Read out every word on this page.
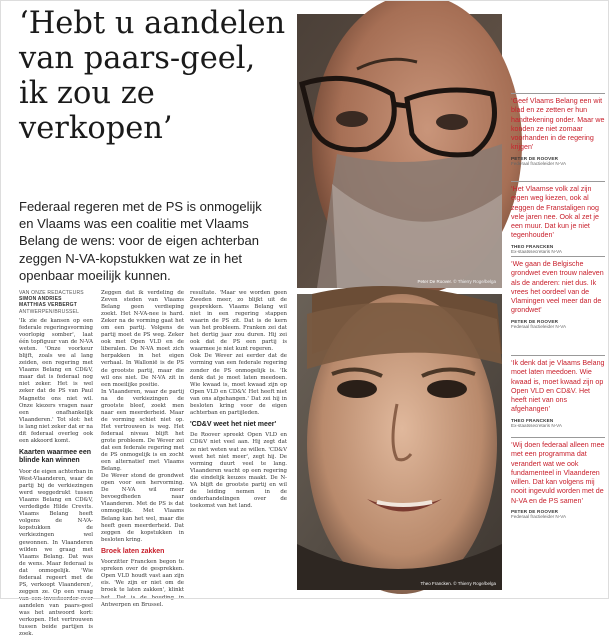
‘Hebt u aandelen
van paars-geel,
ik zou ze
verkopen’
Federaal regeren met de PS is onmogelijk
en Vlaams was een coalitie met Vlaams
Belang de wens: voor de eigen achterban
zeggen N-VA-kopstukken wat ze in het
openbaar moeilijk kunnen.
VAN ONZE REDACTEURS
SIMON ANDRIES
MATTHIAS VERBERGT
ANTWERPEN/BRUSSEL

'Ik zie de kansen op een federale regeringsvorming voorlopig somber', laat één topfiguur van de N-VA weten. 'Onze voorkeur blijft, zoals we al lang zeiden, een regering met Vlaams Belang en CD&V, maar dat is federaal nog niet zeker. Het is wel zeker dat de PS van Paul Magnette ons niet wil. Onze kiezers vragen naar een onafhankelijk Vlaanderen.' Tot slot: het is lang niet zeker dat er na dit federaal overleg ook een akkoord komt.

Kaarten waarmee een blinde kan winnen

Voor de eigen achterban in West-Vlaanderen, waar de partij bij de verkiezingen werd weggedrukt tussen Vlaams Belang en CD&V, verdedigde Hilde Crevits. Vlaams Belang heeft volgens de N-VA-kopstukken de verkiezingen wel gewonnen. In Vlaanderen wilden we graag met Vlaams Belang. Dat was de wens. Maar federaal is dat onmogelijk. 'Wie federaal regeert met de PS, verkoopt Vlaanderen', zeggen ze. Op een vraag van een investeerder over aandelen van paars-geel was het antwoord kort: verkopen. Het vertrouwen tussen beide partijen is zoek.

Zeggen dat ik verdeling de Zeven steden van Vlaams Belang geen verdieping zoekt. Het N-VA-nee is hard. Zeker na de vorming gaat het om een partij. Volgens de partij moet de PS weg. Zeker ook met Open VLD en de liberalen. De N-VA moet zich herpakken in het eigen verhaal. In Wallonië is de PS de grootste partij, maar die wil ons niet. De N-VA zit in een moeilijke positie.

In Vlaanderen, waar de partij na de verkiezingen de grootste bleef, zoekt men naar een meerderheid. Maar de vorming schiet niet op. Het vertrouwen is weg. Het federaal niveau blijft het grote probleem. De Wever zei dat een federale regering met de PS onmogelijk is en zocht een alternatief met Vlaams Belang.

De Wever stond de grondwet open voor een hervorming. De N-VA wil meer bevoegdheden naar Vlaanderen. Met de PS is dat onmogelijk. Met Vlaams Belang kan het wel, maar die heeft geen meerderheid. Dat zeggen de kopstukken in besloten kring.

Broek laten zakken

Voorzitter Francken begon te spreken over de gesprekken. Open VLD houdt vast aan zijn eis. 'We zijn er niet om de broek te laten zakken', klinkt het. Dat is de houding in Antwerpen en Brussel.

resultate. 'Maar we worden geen Zweden meer, zo blijkt uit de gesprekken. Vlaams Belang wil niet in een regering stappen waarin de PS zit. Dat is de kern van het probleem. Franken zei dat het dertig jaar zou duren. Hij zei ook dat de PS een partij is waarmee je niet kunt regeren.

Ook De Wever zei eerder dat de vorming van een federale regering zonder de PS onmogelijk is. 'Ik denk dat je moet laten meedoen. Wie kwaad is, moet kwaad zijn op Open VLD en CD&V. Het heeft niet van ons afgehangen.' Dat zei hij in besloten kring voor de eigen achterban en partijleden.

'CD&V weet het niet meer'

De Roover spreekt Open VLD en CD&V niet veel aan. Hij zegt dat ze niet weten wat ze willen. 'CD&V weet het niet meer', zegt hij. De vorming duurt veel te lang. Vlaanderen wacht op een regering die eindelijk keuzes maakt. De N-VA blijft de grootste partij en wil de leiding nemen in de onderhandelingen over de toekomst van het land.

Peter De Roover. © Thierry Roge/belga
Theo Francken. © Thierry Roge/belga
‘Geef Vlaams Belang een wit blad en ze zetten er hun handtekening onder. Maar we konden ze niet zomaar voorhanden in de regering krijgen’
PETER DE ROOVER
Federaal fractieleider N-VA
‘Het Vlaamse volk zal zijn eigen weg kiezen, ook al zeggen de Franstaligen nog vele jaren nee. Ook al zet je een muur. Dat kun je niet tegenhouden’
THEO FRANCKEN
Ex-staatssecretaris N-VA
‘We gaan de Belgische grondwet even trouw naleven als de anderen: niet dus. Ik vrees het oordeel van de Vlamingen veel meer dan de grondwet’
PETER DE ROOVER
Federaal fractieleider N-VA
‘Ik denk dat je Vlaams Belang moet laten meedoen. Wie kwaad is, moet kwaad zijn op Open VLD en CD&V. Het heeft niet van ons afgehangen’
THEO FRANCKEN
Ex-staatssecretaris N-VA
‘Wij doen federaal alleen mee met een programma dat verandert wat we ook fundamenteel in Vlaanderen willen. Dat kan volgens mij nooit ingevuld worden met de N-VA en de PS samen’
PETER DE ROOVER
Federaal fractieleider N-VA
